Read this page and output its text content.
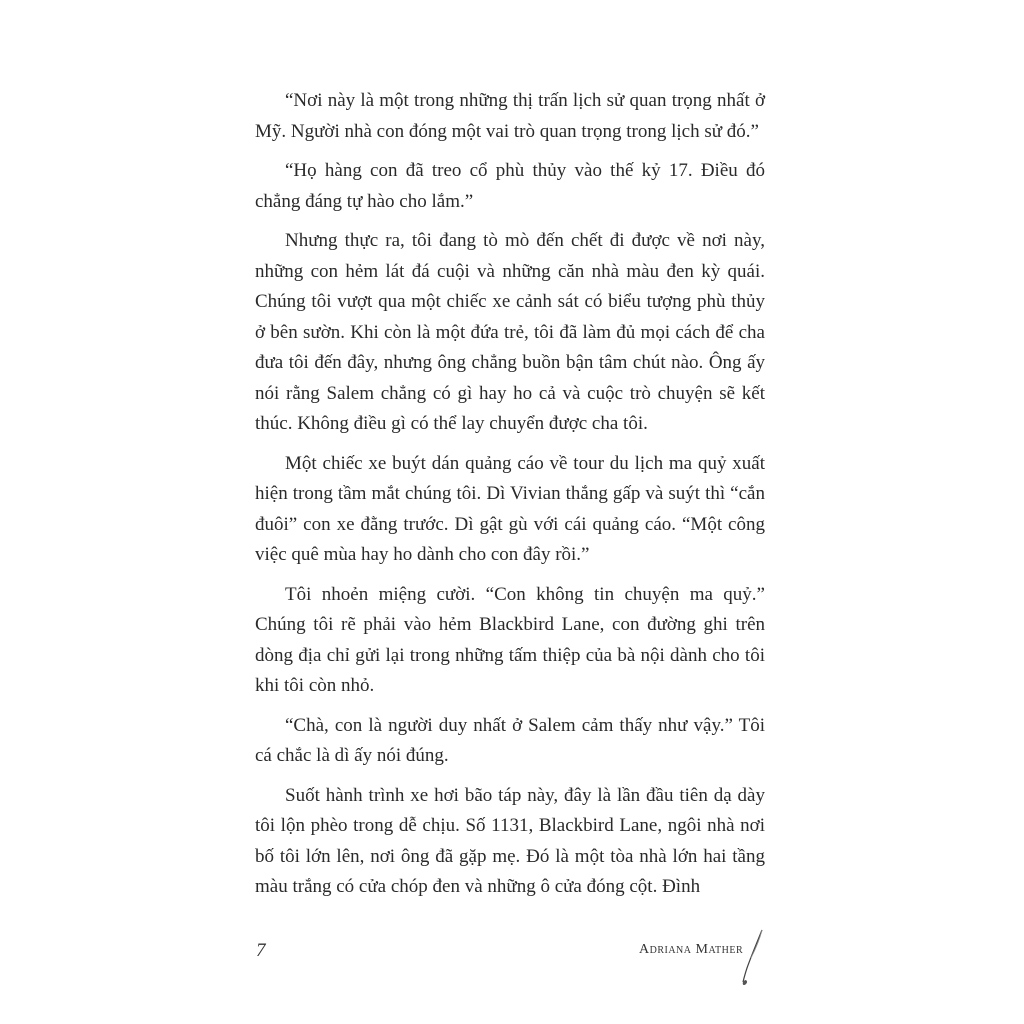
“Nơi này là một trong những thị trấn lịch sử quan trọng nhất ở Mỹ. Người nhà con đóng một vai trò quan trọng trong lịch sử đó.”

“Họ hàng con đã treo cổ phù thủy vào thế kỷ 17. Điều đó chẳng đáng tự hào cho lắm.”

Nhưng thực ra, tôi đang tò mò đến chết đi được về nơi này, những con hẻm lát đá cuội và những căn nhà màu đen kỳ quái. Chúng tôi vượt qua một chiếc xe cảnh sát có biểu tượng phù thủy ở bên sườn. Khi còn là một đứa trẻ, tôi đã làm đủ mọi cách để cha đưa tôi đến đây, nhưng ông chẳng buồn bận tâm chút nào. Ông ấy nói rằng Salem chẳng có gì hay ho cả và cuộc trò chuyện sẽ kết thúc. Không điều gì có thể lay chuyển được cha tôi.

Một chiếc xe buýt dán quảng cáo về tour du lịch ma quỷ xuất hiện trong tầm mắt chúng tôi. Dì Vivian thắng gấp và suýt thì “cắn đuôi” con xe đằng trước. Dì gật gù với cái quảng cáo. “Một công việc quê mùa hay ho dành cho con đây rồi.”

Tôi nhoẻn miệng cười. “Con không tin chuyện ma quỷ.” Chúng tôi rẽ phải vào hẻm Blackbird Lane, con đường ghi trên dòng địa chỉ gửi lại trong những tấm thiệp của bà nội dành cho tôi khi tôi còn nhỏ.

“Chà, con là người duy nhất ở Salem cảm thấy như vậy.” Tôi cá chắc là dì ấy nói đúng.

Suốt hành trình xe hơi bão táp này, đây là lần đầu tiên dạ dày tôi lộn phèo trong dễ chịu. Số 1131, Blackbird Lane, ngôi nhà nơi bố tôi lớn lên, nơi ông đã gặp mẹ. Đó là một tòa nhà lớn hai tầng màu trắng có cửa chóp đen và những ô cửa đóng cột. Đình

7	Adriana Mather
